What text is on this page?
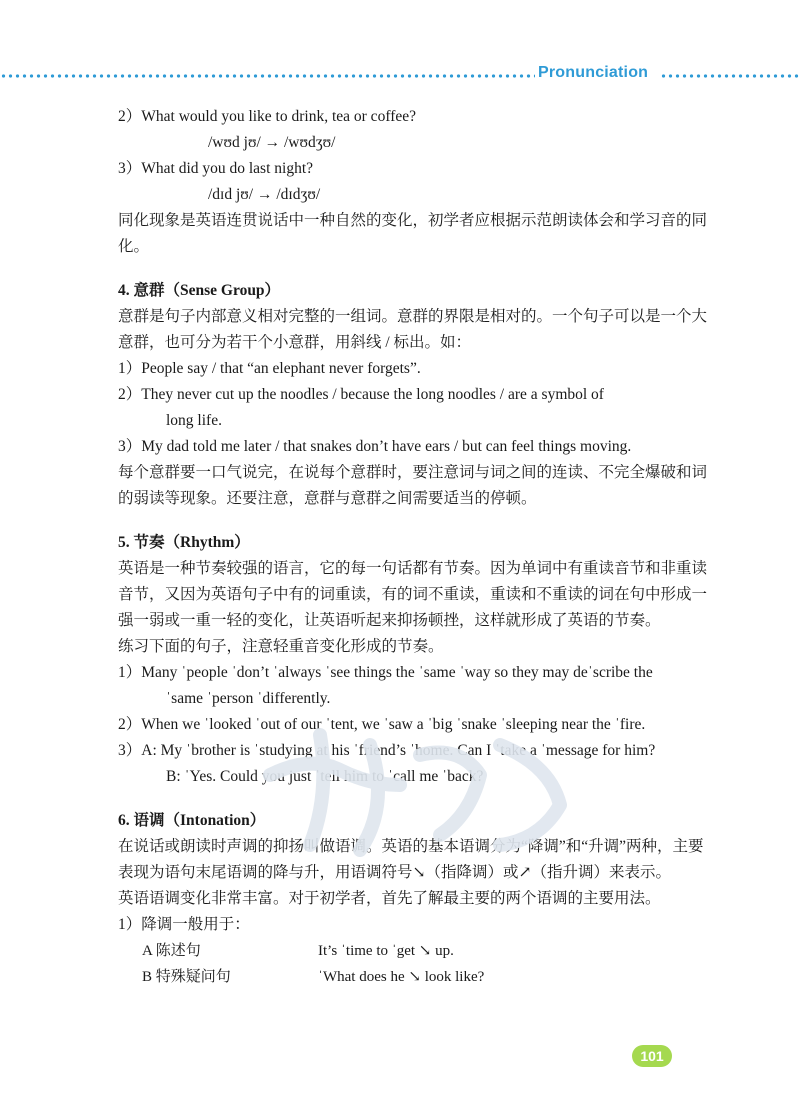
Pronunciation
2）What would you like to drink, tea or coffee?
/wʊd jʊ/ → /wʊdʒʊ/
3）What did you do last night?
/dɪd jʊ/ → /dɪdʒʊ/
同化现象是英语连贯说话中一种自然的变化，初学者应根据示范朗读体会和学习音的同化。
4. 意群（Sense Group）
意群是句子内部意义相对完整的一组词。意群的界限是相对的。一个句子可以是一个大意群，也可分为若干个小意群，用斜线 / 标出。如：
1）People say / that “an elephant never forgets”.
2）They never cut up the noodles / because the long noodles / are a symbol of
long life.
3）My dad told me later / that snakes don’t have ears / but can feel things moving.
每个意群要一口气说完，在说每个意群时，要注意词与词之间的连读、不完全爆破和词的弱读等现象。还要注意，意群与意群之间需要适当的停顿。
5. 节奏（Rhythm）
英语是一种节奏较强的语言，它的每一句话都有节奏。因为单词中有重读音节和非重读音节，又因为英语句子中有的词重读，有的词不重读，重读和不重读的词在句中形成一强一弱或一重一轻的变化，让英语听起来抑扬顿挫，这样就形成了英语的节奏。
练习下面的句子，注意轻重音变化形成的节奏。
1）Many ˈpeople ˈdon’t ˈalways ˈsee things the ˈsame ˈway so they may deˈscribe the
ˈsame ˈperson ˈdifferently.
2）When we ˈlooked ˈout of our ˈtent, we ˈsaw a ˈbig ˈsnake ˈsleeping near the ˈfire.
3）A: My ˈbrother is ˈstudying at his ˈfriend’s ˈhome. Can I ˈtake a ˈmessage for him?
B: ˈYes. Could you just ˈtell him to ˈcall me ˈback?
6. 语调（Intonation）
在说话或朗读时声调的抑扬叫做语调。英语的基本语调分为“降调”和“升调”两种，主要表现为语句末尾语调的降与升，用语调符号↘（指降调）或↗（指升调）来表示。
英语语调变化非常丰富。对于初学者，首先了解最主要的两个语调的主要用法。
1）降调一般用于：
A 陈述句	It’s ˈtime to ˈget ↘ up.
B 特殊疑问句	ˈWhat does he ↘ look like?
101
